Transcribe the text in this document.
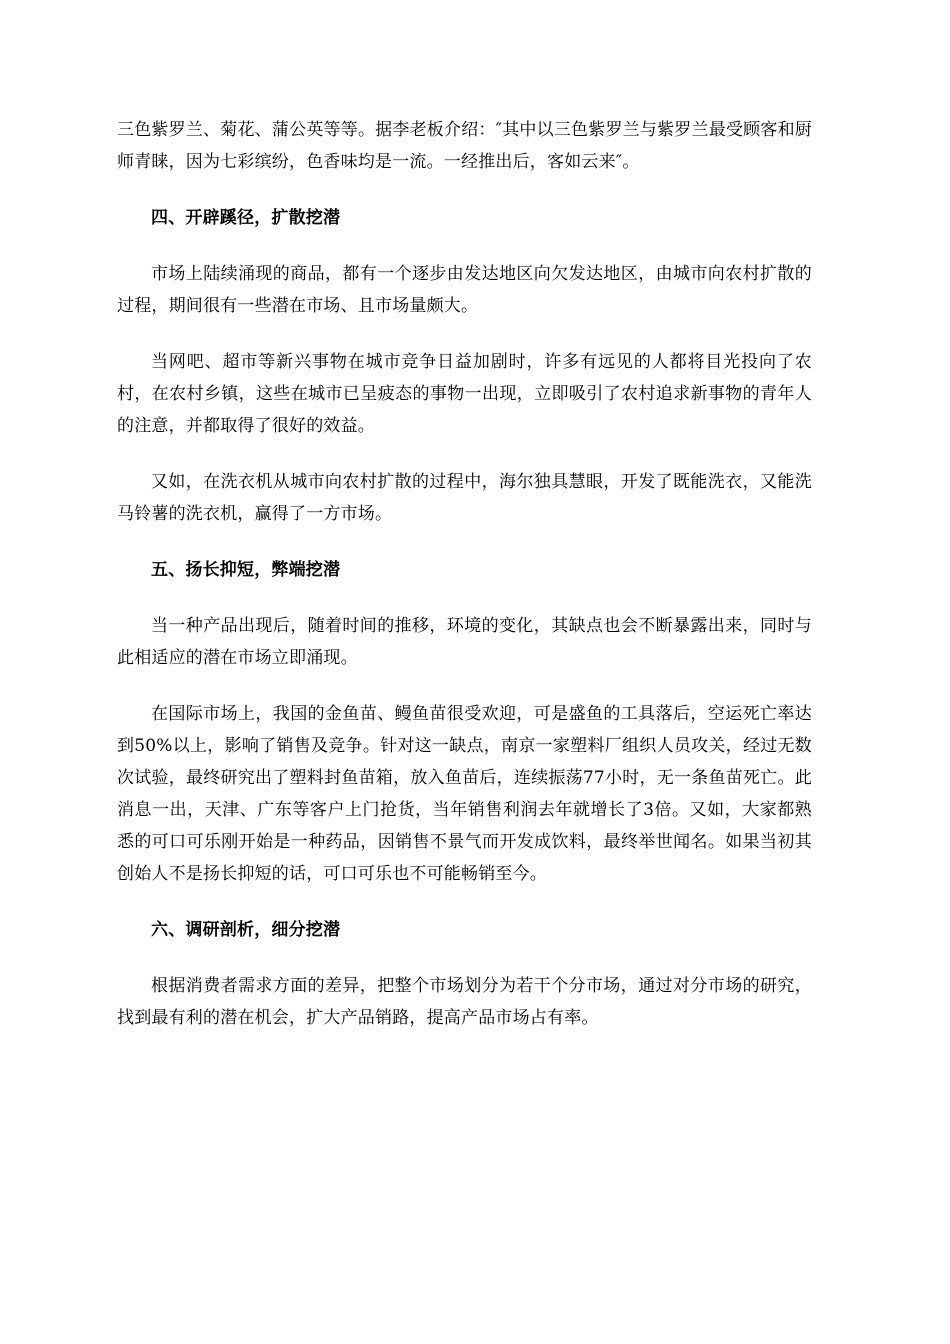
三色紫罗兰、菊花、蒲公英等等。据李老板介绍：″其中以三色紫罗兰与紫罗兰最受顾客和厨师青睐，因为七彩缤纷，色香味均是一流。一经推出后，客如云来″。

四、开辟蹊径，扩散挖潜

市场上陆续涌现的商品，都有一个逐步由发达地区向欠发达地区，由城市向农村扩散的过程，期间很有一些潜在市场、且市场量颇大。

当网吧、超市等新兴事物在城市竞争日益加剧时，许多有远见的人都将目光投向了农村，在农村乡镇，这些在城市已呈疲态的事物一出现，立即吸引了农村追求新事物的青年人的注意，并都取得了很好的效益。

又如，在洗衣机从城市向农村扩散的过程中，海尔独具慧眼，开发了既能洗衣，又能洗马铃薯的洗衣机，赢得了一方市场。

五、扬长抑短，弊端挖潜

当一种产品出现后，随着时间的推移，环境的变化，其缺点也会不断暴露出来，同时与此相适应的潜在市场立即涌现。

在国际市场上，我国的金鱼苗、鳗鱼苗很受欢迎，可是盛鱼的工具落后，空运死亡率达到50%以上，影响了销售及竞争。针对这一缺点，南京一家塑料厂组织人员攻关，经过无数次试验，最终研究出了塑料封鱼苗箱，放入鱼苗后，连续振荡77小时，无一条鱼苗死亡。此消息一出，天津、广东等客户上门抢货，当年销售利润去年就增长了3倍。又如，大家都熟悉的可口可乐刚开始是一种药品，因销售不景气而开发成饮料，最终举世闻名。如果当初其创始人不是扬长抑短的话，可口可乐也不可能畅销至今。

六、调研剖析，细分挖潜

根据消费者需求方面的差异，把整个市场划分为若干个分市场，通过对分市场的研究，找到最有利的潜在机会，扩大产品销路，提高产品市场占有率。
